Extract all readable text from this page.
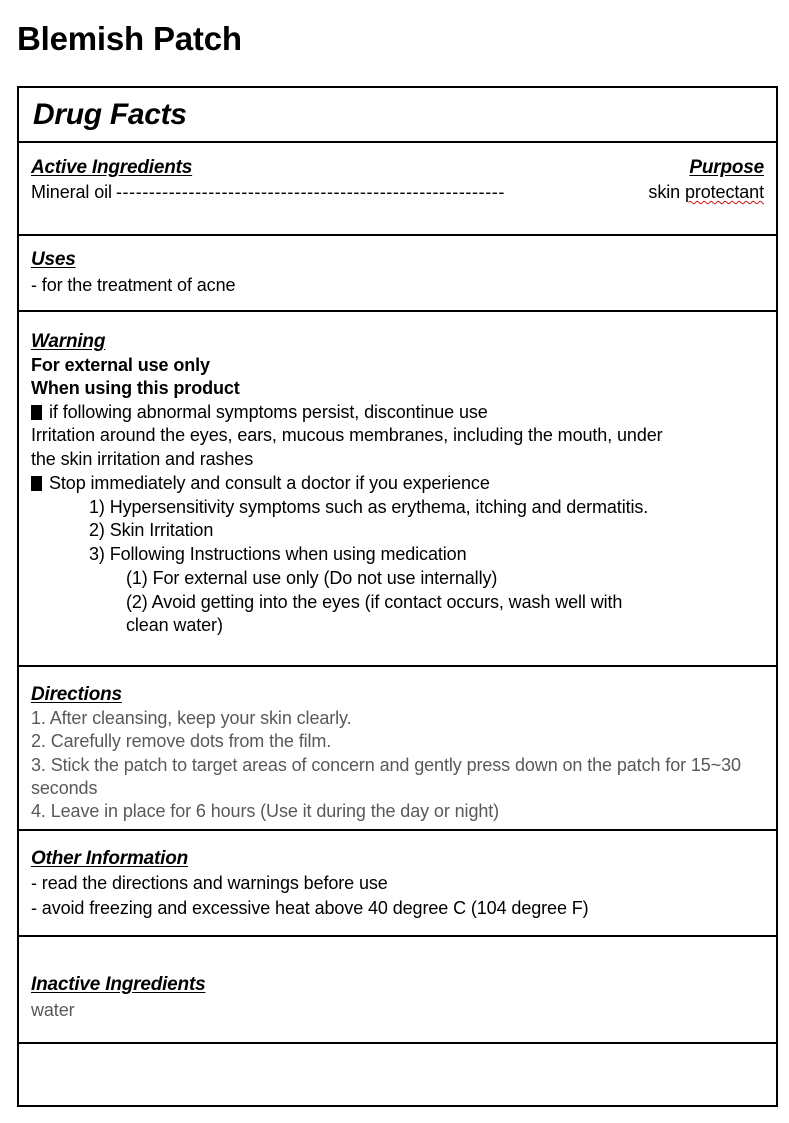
Blemish Patch
Drug Facts
Active Ingredients	Purpose
Mineral oil -----------------------------------------------------------	skin protectant
Uses
- for the treatment of acne
Warning
For external use only
When using this product
if following abnormal symptoms persist, discontinue use
Irritation around the eyes, ears, mucous membranes, including the mouth, under
the skin irritation and rashes
Stop immediately and consult a doctor if you experience
1) Hypersensitivity symptoms such as erythema, itching and dermatitis.
2) Skin Irritation
3) Following Instructions when using medication
(1) For external use only (Do not use internally)
(2) Avoid getting into the eyes (if contact occurs, wash well with
clean water)
Directions
1. After cleansing, keep your skin clearly.
2. Carefully remove dots from the film.
3. Stick the patch to target areas of concern and gently press down on the patch for 15~30
seconds
4. Leave in place for 6 hours (Use it during the day or night)
Other Information
- read the directions and warnings before use
- avoid freezing and excessive heat above 40 degree C (104 degree F)
Inactive Ingredients
water
